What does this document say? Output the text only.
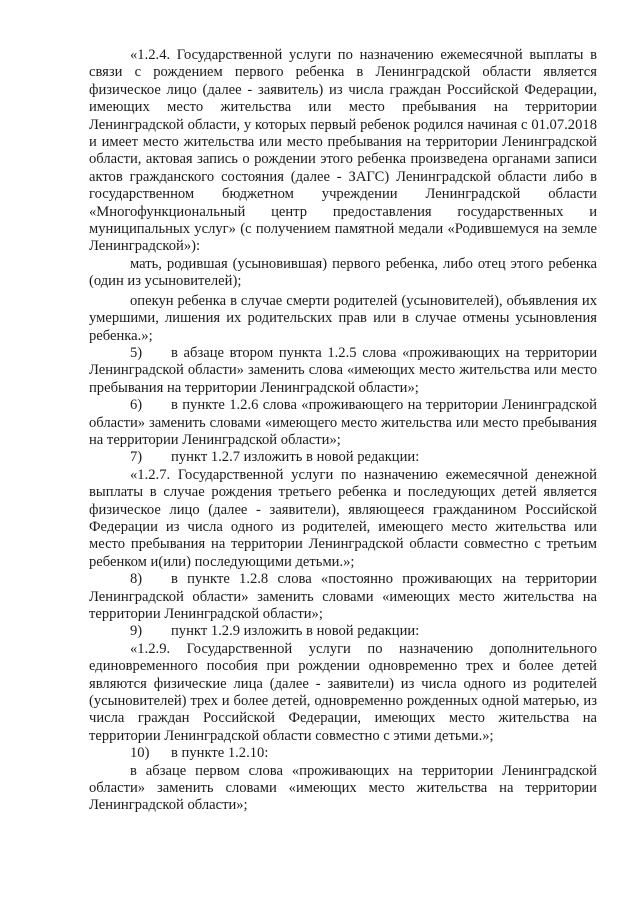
«1.2.4. Государственной услуги по назначению ежемесячной выплаты в связи с рождением первого ребенка в Ленинградской области является физическое лицо (далее - заявитель) из числа граждан Российской Федерации, имеющих место жительства или место пребывания на территории Ленинградской области, у которых первый ребенок родился начиная с 01.07.2018 и имеет место жительства или место пребывания на территории Ленинградской области, актовая запись о рождении этого ребенка произведена органами записи актов гражданского состояния (далее - ЗАГС) Ленинградской области либо в государственном бюджетном учреждении Ленинградской области «Многофункциональный центр предоставления государственных и муниципальных услуг» (с получением памятной медали «Родившемуся на земле Ленинградской»):

мать, родившая (усыновившая) первого ребенка, либо отец этого ребенка (один из усыновителей);

опекун ребенка в случае смерти родителей (усыновителей), объявления их умершими, лишения их родительских прав или в случае отмены усыновления ребенка.»;

5) в абзаце втором пункта 1.2.5 слова «проживающих на территории Ленинградской области» заменить слова «имеющих место жительства или место пребывания на территории Ленинградской области»;

6) в пункте 1.2.6 слова «проживающего на территории Ленинградской области» заменить словами «имеющего место жительства или место пребывания на территории Ленинградской области»;

7) пункт 1.2.7 изложить в новой редакции:

«1.2.7. Государственной услуги по назначению ежемесячной денежной выплаты в случае рождения третьего ребенка и последующих детей является физическое лицо (далее - заявители), являющееся гражданином Российской Федерации из числа одного из родителей, имеющего место жительства или место пребывания на территории Ленинградской области совместно с третьим ребенком и(или) последующими детьми.»;

8) в пункте 1.2.8 слова «постоянно проживающих на территории Ленинградской области» заменить словами «имеющих место жительства на территории Ленинградской области»;

9) пункт 1.2.9 изложить в новой редакции:

«1.2.9. Государственной услуги по назначению дополнительного единовременного пособия при рождении одновременно трех и более детей являются физические лица (далее - заявители) из числа одного из родителей (усыновителей) трех и более детей, одновременно рожденных одной матерью, из числа граждан Российской Федерации, имеющих место жительства на территории Ленинградской области совместно с этими детьми.»;

10) в пункте 1.2.10:

в абзаце первом слова «проживающих на территории Ленинградской области» заменить словами «имеющих место жительства на территории Ленинградской области»;
